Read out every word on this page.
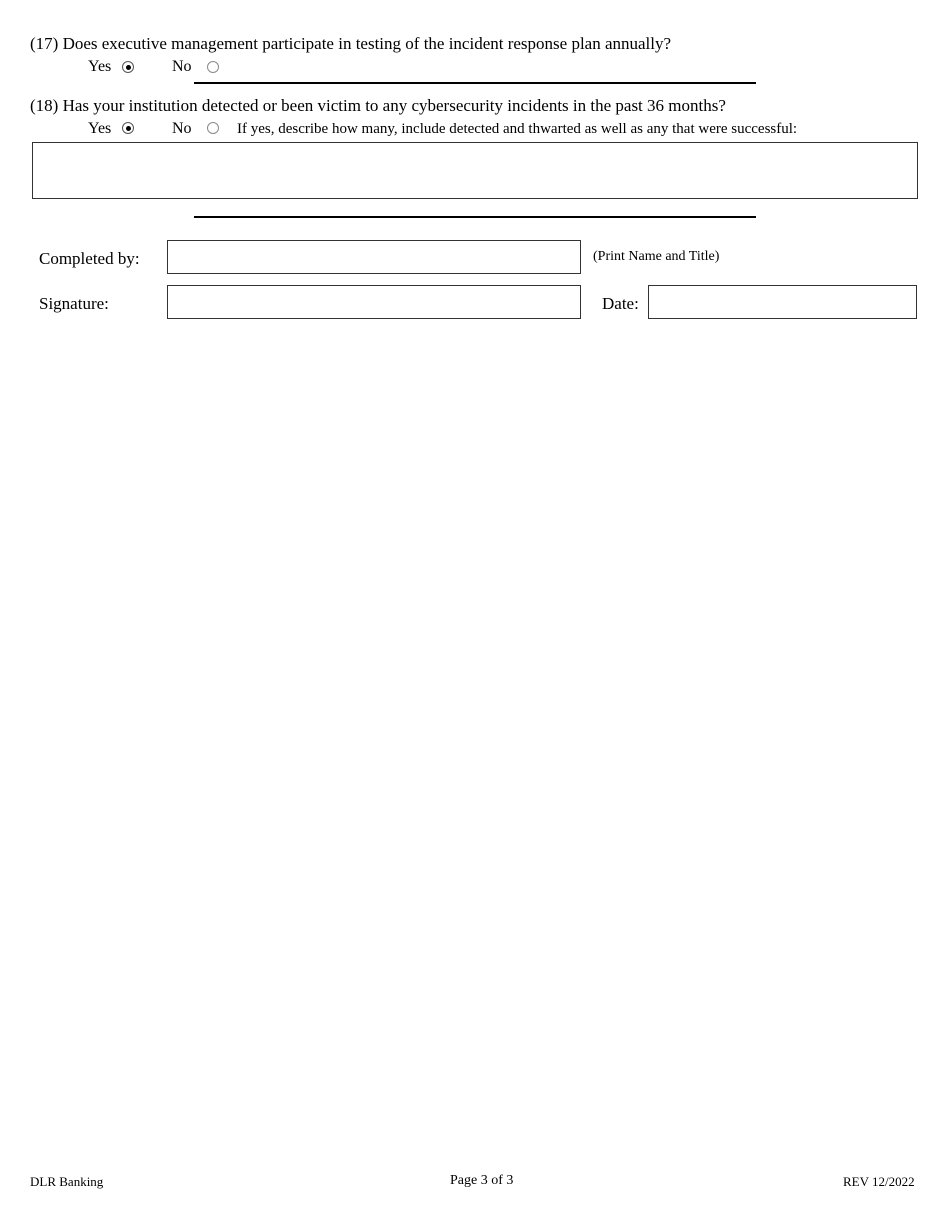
(17) Does executive management participate in testing of the incident response plan annually?
Yes	No
(18) Has your institution detected or been victim to any cybersecurity incidents in the past 36 months?
Yes	No	If yes, describe how many, include detected and thwarted as well as any that were successful:
Completed by:	(Print Name and Title)
Signature:	Date:
DLR Banking	Page 3 of 3	REV 12/2022
